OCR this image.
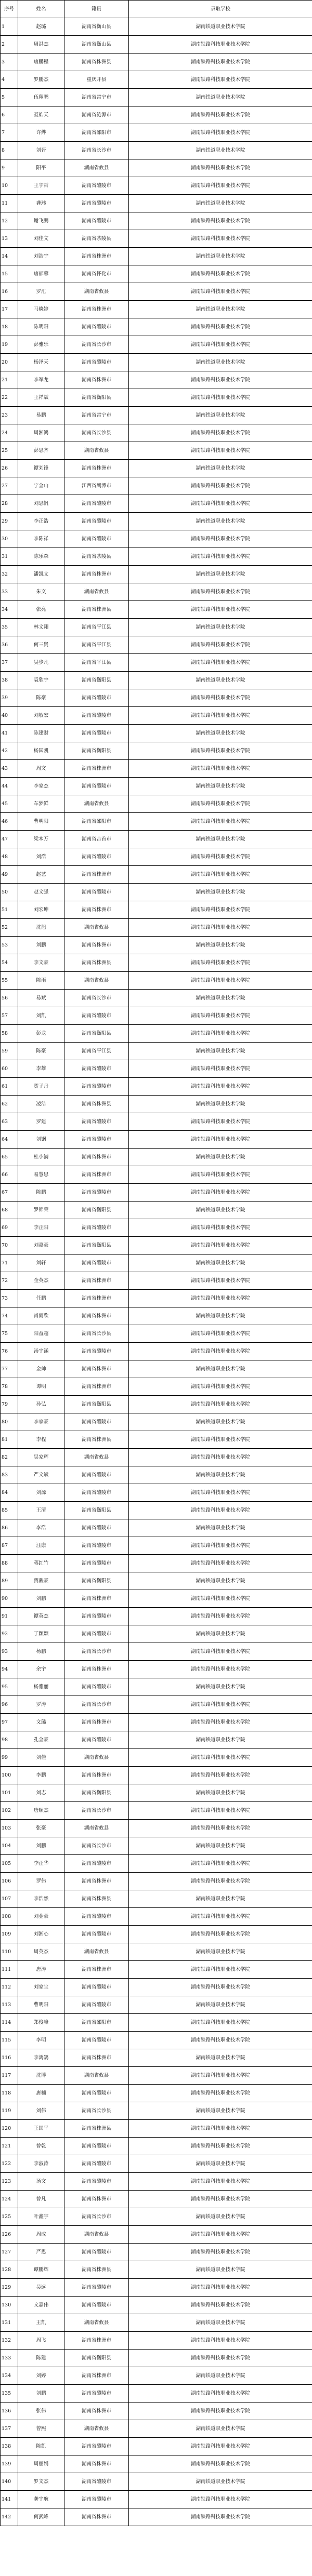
序号	姓名	籍贯	录取学校
1	赵璐	湖南省衡山县	湖南铁道职业技术学院
2	周洪杰	湖南省衡山县	湖南铁路科技职业技术学院
3	唐鹏程	湖南省株洲县	湖南铁路科技职业技术学院
4	罗鹏杰	重庆开县	湖南铁路科技职业技术学院
5	伍翔鹏	湖南省常宁市	湖南铁道职业技术学院
6	聂皓天	湖南省涟源市	湖南铁路科技职业技术学院
7	许烨	湖南省邵阳市	湖南铁路科技职业技术学院
8	刘晋	湖南省长沙市	湖南铁道职业技术学院
9	阳平	湖南省攸县	湖南铁路科技职业技术学院
10	王宇哲	湖南省醴陵市	湖南铁路科技职业技术学院
11	龚玮	湖南省醴陵市	湖南铁道职业技术学院
12	谢飞鹏	湖南省醴陵市	湖南铁路科技职业技术学院
13	刘佳文	湖南省茶陵县	湖南铁路科技职业技术学院
14	刘浩宇	湖南省株洲市	湖南铁道职业技术学院
15	唐郁蓉	湖南省怀化市	湖南铁路科技职业技术学院
16	罗汇	湖南省攸县	湖南铁路科技职业技术学院
17	马晓婷	湖南省株洲市	湖南铁道职业技术学院
18	陈明阳	湖南省醴陵市	湖南铁路科技职业技术学院
19	彭雅乐	湖南省长沙市	湖南铁路科技职业技术学院
20	杨泽天	湖南省醴陵市	湖南铁道职业技术学院
21	李军龙	湖南省株洲市	湖南铁路科技职业技术学院
22	王祥斌	湖南省衡阳县	湖南铁路科技职业技术学院
23	易鹏	湖南省常宁市	湖南铁道职业技术学院
24	周湘鸿	湖南省长沙县	湖南铁路科技职业技术学院
25	彭思齐	湖南省攸县	湖南铁路科技职业技术学院
26	谭刘锋	湖南省株洲市	湖南铁道职业技术学院
27	宁金山	江西省鹰潭市	湖南铁路科技职业技术学院
28	刘思帆	湖南省醴陵市	湖南铁路科技职业技术学院
29	李正浩	湖南省醴陵市	湖南铁道职业技术学院
30	李陈祥	湖南省醴陵市	湖南铁路科技职业技术学院
31	陈乐森	湖南省茶陵县	湖南铁路科技职业技术学院
32	潘凯文	湖南省株洲市	湖南铁道职业技术学院
33	朱文	湖南省攸县	湖南铁路科技职业技术学院
34	张亮	湖南省株洲县	湖南铁路科技职业技术学院
35	林文翔	湖南省平江县	湖南铁道职业技术学院
36	何三贤	湖南省平江县	湖南铁路科技职业技术学院
37	吴步凡	湖南省平江县	湖南铁路科技职业技术学院
38	袁欣宇	湖南省衡阳县	湖南铁道职业技术学院
39	陈豪	湖南省醴陵市	湖南铁路科技职业技术学院
40	刘敏宏	湖南省醴陵市	湖南铁路科技职业技术学院
41	陈建财	湖南省醴陵市	湖南铁道职业技术学院
42	杨国凯	湖南省衡阳县	湖南铁路科技职业技术学院
43	周文	湖南省株洲市	湖南铁路科技职业技术学院
44	李家杰	湖南省醴陵市	湖南铁道职业技术学院
45	车梦鲜	湖南省攸县	湖南铁路科技职业技术学院
46	曹明阳	湖南省邵阳市	湖南铁路科技职业技术学院
47	梁本万	湖南省吉首市	湖南铁道职业技术学院
48	刘浩	湖南省醴陵市	湖南铁路科技职业技术学院
49	赵艺	湖南省株洲市	湖南铁路科技职业技术学院
50	赵文强	湖南省醴陵市	湖南铁道职业技术学院
51	刘宏坤	湖南省株洲市	湖南铁路科技职业技术学院
52	沈旭	湖南省攸县	湖南铁路科技职业技术学院
53	刘鹏	湖南省株洲市	湖南铁道职业技术学院
54	李文豪	湖南省株洲县	湖南铁路科技职业技术学院
55	陈雨	湖南省攸县	湖南铁路科技职业技术学院
56	易斌	湖南省长沙市	湖南铁道职业技术学院
57	刘凯	湖南省醴陵市	湖南铁路科技职业技术学院
58	彭龙	湖南省衡阳县	湖南铁路科技职业技术学院
59	陈豪	湖南省平江县	湖南铁道职业技术学院
60	李雄	湖南省醴陵市	湖南铁路科技职业技术学院
61	贺子丹	湖南省醴陵市	湖南铁路科技职业技术学院
62	凌洁	湖南省株洲县	湖南铁道职业技术学院
63	罗建	湖南省醴陵市	湖南铁路科技职业技术学院
64	刘钢	湖南省醴陵市	湖南铁路科技职业技术学院
65	杜小满	湖南省株洲市	湖南铁道职业技术学院
66	易慧思	湖南省株洲市	湖南铁路科技职业技术学院
67	陈鹏	湖南省醴陵市	湖南铁路科技职业技术学院
68	罗锦荣	湖南省衡阳县	湖南铁道职业技术学院
69	李正阳	湖南省醴陵市	湖南铁路科技职业技术学院
70	刘嘉豪	湖南省衡阳县	湖南铁路科技职业技术学院
71	刘轩	湖南省醴陵市	湖南铁道职业技术学院
72	金英杰	湖南省株洲市	湖南铁路科技职业技术学院
73	任鹏	湖南省株洲市	湖南铁路科技职业技术学院
74	肖雨欣	湖南省株洲市	湖南铁道职业技术学院
75	阳益超	湖南省长沙县	湖南铁路科技职业技术学院
76	汤宇涵	湖南省醴陵市	湖南铁路科技职业技术学院
77	金帅	湖南省株洲市	湖南铁道职业技术学院
78	谭明	湖南省株洲市	湖南铁路科技职业技术学院
79	孙弘	湖南省衡阳县	湖南铁路科技职业技术学院
80	李家豪	湖南省醴陵市	湖南铁道职业技术学院
81	李程	湖南省株洲县	湖南铁路科技职业技术学院
82	吴家辉	湖南省攸县	湖南铁路科技职业技术学院
83	严文斌	湖南省醴陵市	湖南铁道职业技术学院
84	刘源	湖南省醴陵市	湖南铁路科技职业技术学院
85	王清	湖南省衡阳县	湖南铁路科技职业技术学院
86	李浩	湖南省醴陵市	湖南铁道职业技术学院
87	汪康	湖南省醴陵市	湖南铁路科技职业技术学院
88	蒋红竹	湖南省醴陵市	湖南铁路科技职业技术学院
89	贺骏豪	湖南省衡阳县	湖南铁道职业技术学院
90	刘鹏	湖南省株洲市	湖南铁路科技职业技术学院
91	谭英杰	湖南省醴陵市	湖南铁路科技职业技术学院
92	丁颖颖	湖南省醴陵市	湖南铁道职业技术学院
93	杨鹏	湖南省长沙市	湖南铁路科技职业技术学院
94	余宇	湖南省株洲市	湖南铁路科技职业技术学院
95	杨雅丽	湖南省醴陵市	湖南铁道职业技术学院
96	罗涛	湖南省长沙市	湖南铁路科技职业技术学院
97	文璐	湖南省株洲市	湖南铁路科技职业技术学院
98	孔金豪	湖南省醴陵市	湖南铁道职业技术学院
99	刘佳	湖南省攸县	湖南铁路科技职业技术学院
100	李鹏	湖南省株洲市	湖南铁路科技职业技术学院
101	刘志	湖南省衡阳县	湖南铁道职业技术学院
102	唐顺杰	湖南省长沙市	湖南铁路科技职业技术学院
103	张豪	湖南省攸县	湖南铁路科技职业技术学院
104	刘鹏	湖南省长沙市	湖南铁道职业技术学院
105	李正华	湖南省醴陵市	湖南铁路科技职业技术学院
106	罗伟	湖南省株洲市	湖南铁路科技职业技术学院
107	李浩然	湖南省株洲县	湖南铁道职业技术学院
108	刘金豪	湖南省醴陵市	湖南铁路科技职业技术学院
109	刘湘心	湖南省醴陵市	湖南铁路科技职业技术学院
110	周英杰	湖南省攸县	湖南铁道职业技术学院
111	唐涛	湖南省株洲市	湖南铁路科技职业技术学院
112	刘家宝	湖南省醴陵市	湖南铁路科技职业技术学院
113	曹明阳	湖南省醴陵市	湖南铁道职业技术学院
114	郑俊峰	湖南省邵阳市	湖南铁路科技职业技术学院
115	李明	湖南省醴陵市	湖南铁路科技职业技术学院
116	李鸿鹄	湖南省株洲市	湖南铁道职业技术学院
117	沈博	湖南省攸县	湖南铁路科技职业技术学院
118	唐楠	湖南省醴陵市	湖南铁路科技职业技术学院
119	刘伟	湖南省长沙县	湖南铁道职业技术学院
120	王国平	湖南省株洲县	湖南铁路科技职业技术学院
121	曾乾	湖南省醴陵市	湖南铁路科技职业技术学院
122	李淑涛	湖南省醴陵市	湖南铁道职业技术学院
123	汤文	湖南省醴陵市	湖南铁路科技职业技术学院
124	曾凡	湖南省株洲市	湖南铁路科技职业技术学院
125	叶鑫宇	湖南省长沙市	湖南铁道职业技术学院
126	周成	湖南省攸县	湖南铁路科技职业技术学院
127	严思	湖南省醴陵市	湖南铁路科技职业技术学院
128	谭鹏辉	湖南省株洲县	湖南铁道职业技术学院
129	吴远	湖南省醴陵市	湖南铁路科技职业技术学院
130	文嘉伟	湖南省醴陵市	湖南铁路科技职业技术学院
131	王凯	湖南省攸县	湖南铁道职业技术学院
132	周飞	湖南省株洲市	湖南铁路科技职业技术学院
133	陈建	湖南省衡阳县	湖南铁路科技职业技术学院
134	刘婷	湖南省株洲市	湖南铁道职业技术学院
135	刘鹏	湖南省醴陵市	湖南铁路科技职业技术学院
136	张伟	湖南省株洲市	湖南铁路科技职业技术学院
137	曾熙	湖南省攸县	湖南铁道职业技术学院
138	陈凯	湖南省醴陵市	湖南铁路科技职业技术学院
139	周丽娟	湖南省株洲市	湖南铁路科技职业技术学院
140	罗文杰	湖南省醴陵市	湖南铁道职业技术学院
141	龚宇航	湖南省醴陵市	湖南铁路科技职业技术学院
142	何武峰	湖南省株洲市	湖南铁路科技职业技术学院
